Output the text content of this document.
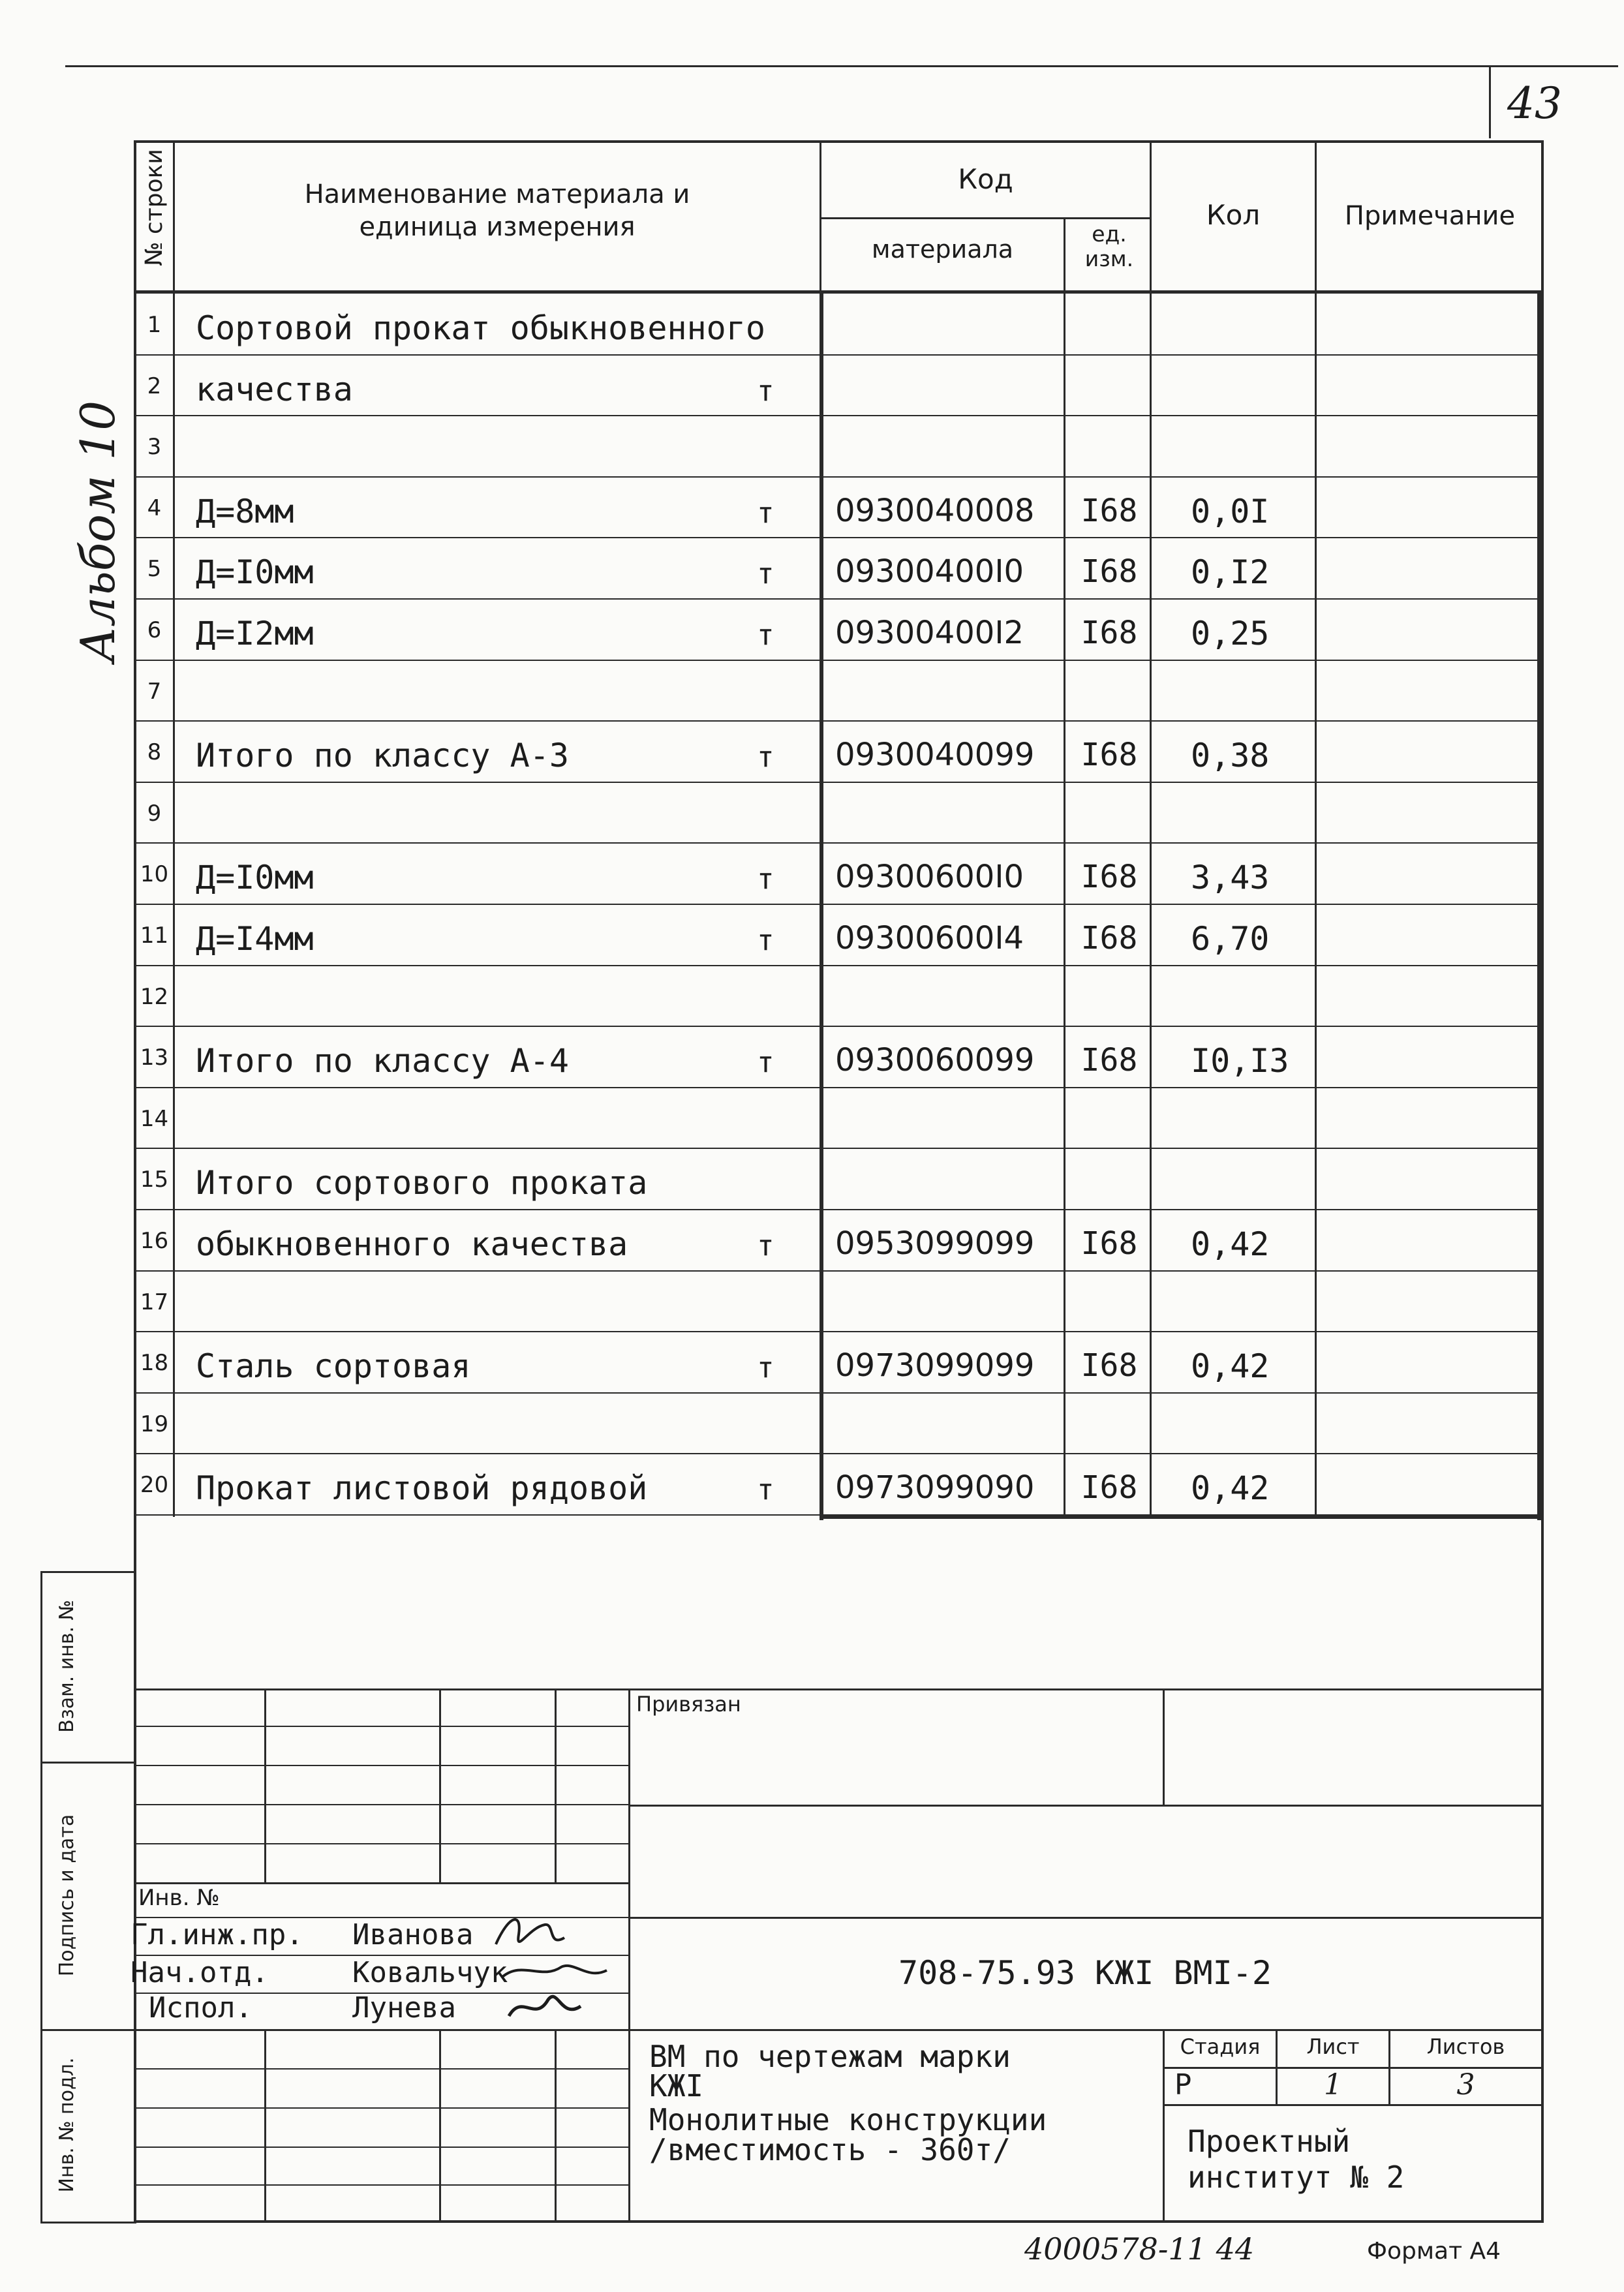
43
Альбом 10
№ строки	Наименование материала и
единица измерения
Код
материала
ед. изм.
Кол	Примечание
1	Сортовой прокат обыкновенного
2	качества	т
3
4	Д=8мм	т 0930040008	I68	0,0I
5	Д=I0мм	т 09300400I0	I68	0,I2
6	Д=I2мм	т 09300400I2	I68	0,25
7
8	Итого по классу А-3	т 0930040099	I68	0,38
9
10 Д=I0мм	т 09300600I0	I68	3,43
11 Д=I4мм	т 09300600I4	I68	6,70
12
13 Итого по классу А-4	т 0930060099	I68	I0,I3
14
15 Итого сортового проката
16 обыкновенного качества	т 0953099099	I68	0,42
17
18 Сталь сортовая	т 0973099099	I68	0,42
19
20 Прокат листовой рядовой	т 0973099090	I68	0,42
Взам. инв. №
Подпись и дата
Инв. № подл.
Привязан
Инв. №
Гл.инж.пр. Иванова
Нач.отд.	Ковальчук
Испол.	Лунева
708-75.93 КЖI ВМI-2
ВМ по чертежам марки
КЖI
Монолитные конструкции
/вместимость - 360т/
Стадия	Лист	Листов
Р	1	3
Проектный
институт № 2
4000578-11 44	Формат А4
